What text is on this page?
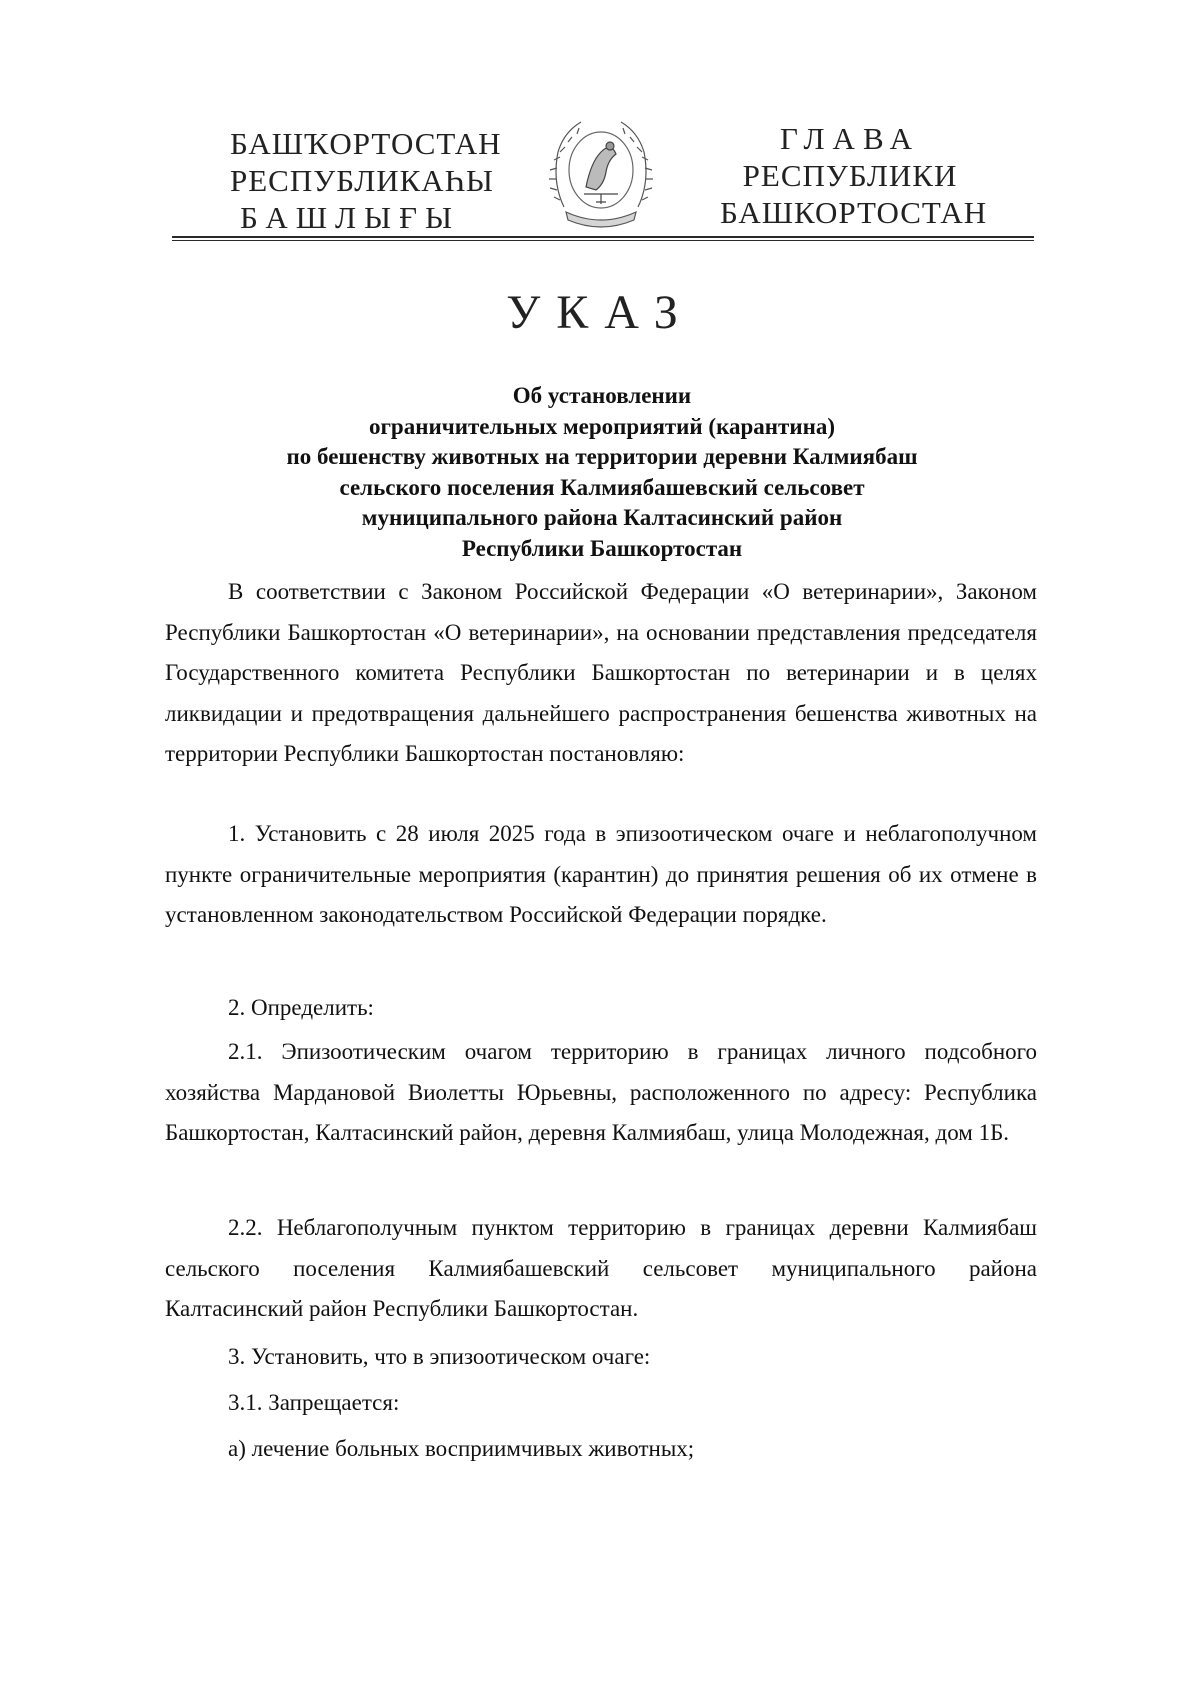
БАШҠОРТОСТАН
РЕСПУБЛИКАҺЫ
БАШЛЫҒЫ
ГЛАВА
РЕСПУБЛИКИ
БАШКОРТОСТАН
УКАЗ
Об установлении
ограничительных мероприятий (карантина)
по бешенству животных на территории деревни Калмиябаш
сельского поселения Калмиябашевский сельсовет
муниципального района Калтасинский район
Республики Башкортостан

В соответствии с Законом Российской Федерации «О ветеринарии», Законом Республики Башкортостан «О ветеринарии», на основании представления председателя Государственного комитета Республики Башкортостан по ветеринарии и в целях ликвидации и предотвращения дальнейшего распространения бешенства животных на территории Республики Башкортостан постановляю:

1. Установить с 28 июля 2025 года в эпизоотическом очаге и неблагополучном пункте ограничительные мероприятия (карантин) до принятия решения об их отмене в установленном законодательством Российской Федерации порядке.

2. Определить:

2.1. Эпизоотическим очагом территорию в границах личного подсобного хозяйства Мардановой Виолетты Юрьевны, расположенного по адресу: Республика Башкортостан, Калтасинский район, деревня Калмиябаш, улица Молодежная, дом 1Б.

2.2. Неблагополучным пунктом территорию в границах деревни Калмиябаш сельского поселения Калмиябашевский сельсовет муниципального района Калтасинский район Республики Башкортостан.

3. Установить, что в эпизоотическом очаге:

3.1. Запрещается:

а) лечение больных восприимчивых животных;
